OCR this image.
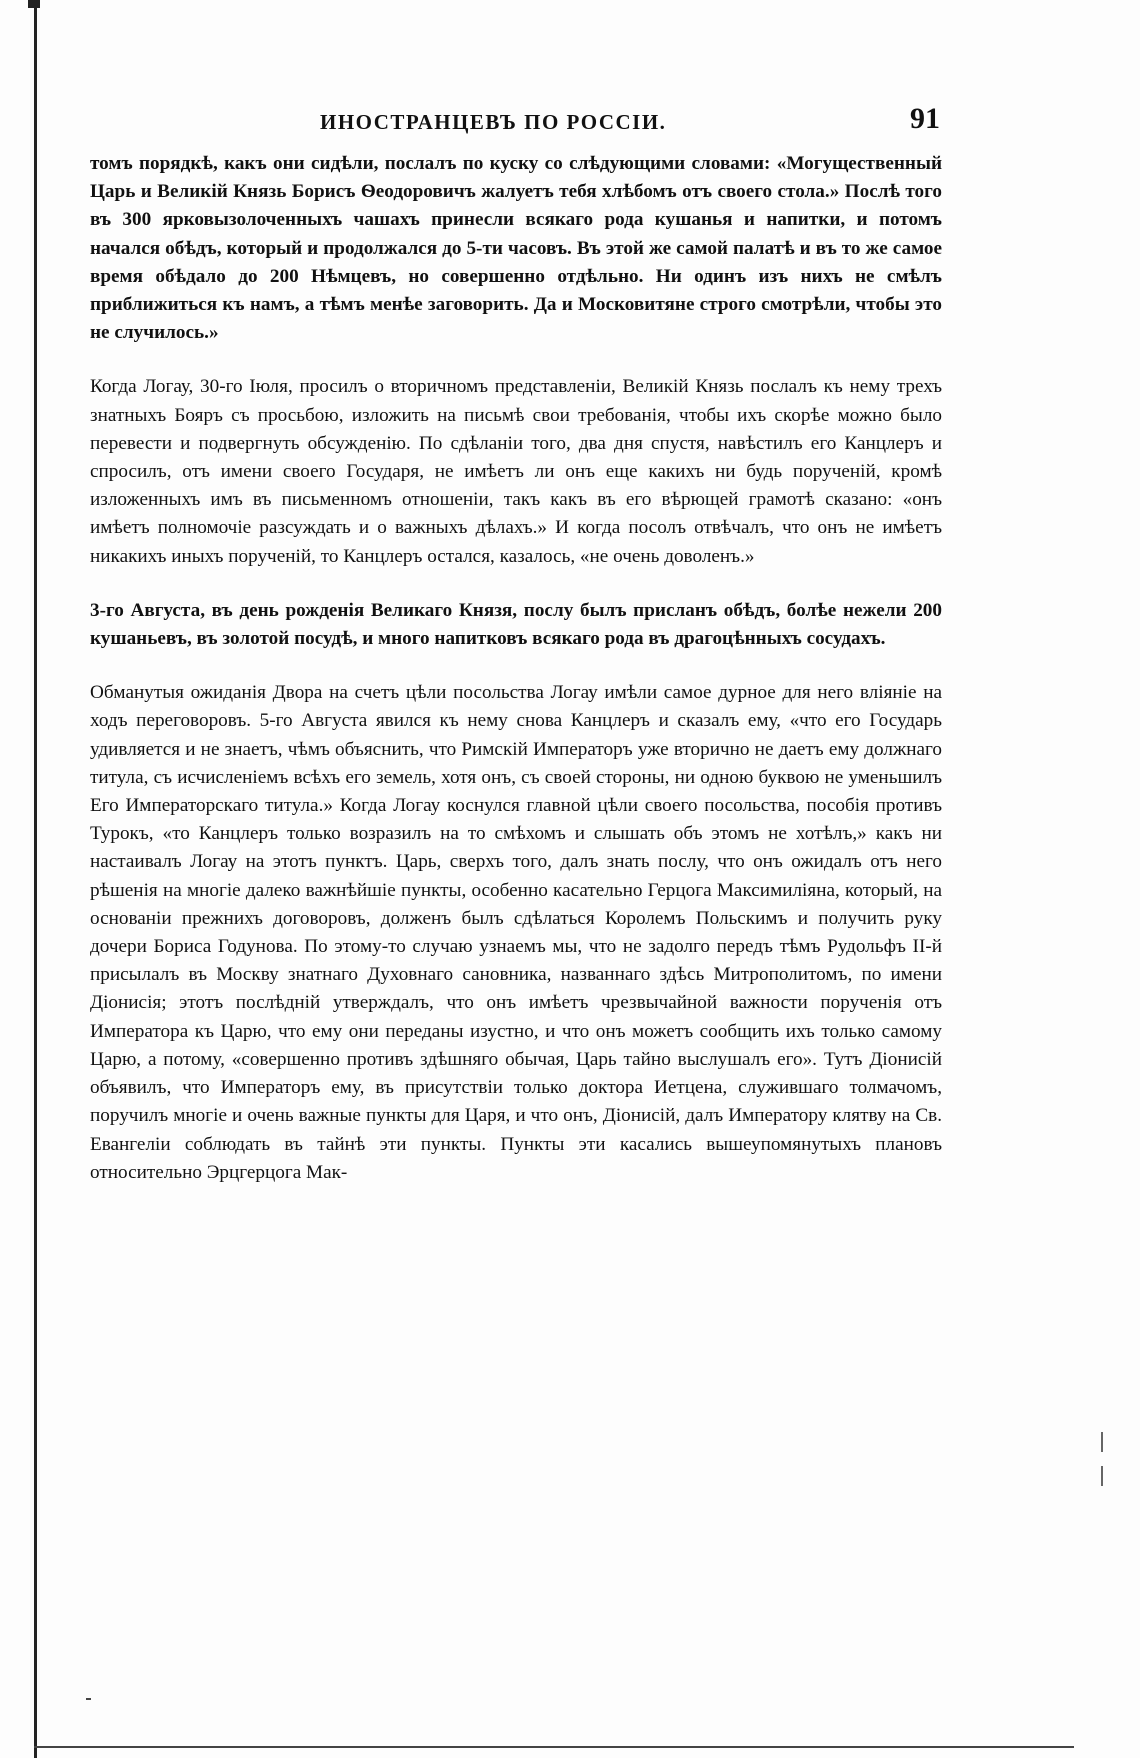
ИНОСТРАНЦЕВЪ ПО РОССІИ.	91

томъ порядкѣ, какъ они сидѣли, послалъ по куску со слѣдующими словами: «Могущественный Царь и Великій Князь Борисъ Ѳеодоровичъ жалуетъ тебя хлѣбомъ отъ своего стола.» Послѣ того въ 300 ярковызолоченныхъ чашахъ принесли всякаго рода кушанья и напитки, и потомъ начался обѣдъ, который и продолжался до 5-ти часовъ. Въ этой же самой палатѣ и въ то же самое время обѣдало до 200 Нѣмцевъ, но совершенно отдѣльно. Ни одинъ изъ нихъ не смѣлъ приближиться къ намъ, а тѣмъ менѣе заговорить. Да и Московитяне строго смотрѣли, чтобы это не случилось.»

Когда Логау, 30-го Іюля, просилъ о вторичномъ представленіи, Великій Князь послалъ къ нему трехъ знатныхъ Бояръ съ просьбою, изложить на письмѣ свои требованія, чтобы ихъ скорѣе можно было перевести и подвергнуть обсужденію. По сдѣланіи того, два дня спустя, навѣстилъ его Канцлеръ и спросилъ, отъ имени своего Государя, не имѣетъ ли онъ еще какихъ ни будь порученій, кромѣ изложенныхъ имъ въ письменномъ отношеніи, такъ какъ въ его вѣрющей грамотѣ сказано: «онъ имѣетъ полномочіе разсуждать и о важныхъ дѣлахъ.» И когда посолъ отвѣчалъ, что онъ не имѣетъ никакихъ иныхъ порученій, то Канцлеръ остался, казалось, «не очень доволенъ.»

3-го Августа, въ день рожденія Великаго Князя, послу былъ присланъ обѣдъ, болѣе нежели 200 кушаньевъ, въ золотой посудѣ, и много напитковъ всякаго рода въ драгоцѣнныхъ сосудахъ.

Обманутыя ожиданія Двора на счетъ цѣли посольства Логау имѣли самое дурное для него вліяніе на ходъ переговоровъ. 5-го Августа явился къ нему снова Канцлеръ и сказалъ ему, «что его Государь удивляется и не знаетъ, чѣмъ объяснить, что Римскій Императоръ уже вторично не даетъ ему должнаго титула, съ исчисленіемъ всѣхъ его земель, хотя онъ, съ своей стороны, ни одною буквою не уменьшилъ Его Императорскаго титула.» Когда Логау коснулся главной цѣли своего посольства, пособія противъ Турокъ, «то Канцлеръ только возразилъ на то смѣхомъ и слышать объ этомъ не хотѣлъ,» какъ ни настаивалъ Логау на этотъ пунктъ. Царь, сверхъ того, далъ знать послу, что онъ ожидалъ отъ него рѣшенія на многіе далеко важнѣйшіе пункты, особенно касательно Герцога Максимиліяна, который, на основаніи прежнихъ договоровъ, долженъ былъ сдѣлаться Королемъ Польскимъ и получить руку дочери Бориса Годунова. По этому-то случаю узнаемъ мы, что не задолго передъ тѣмъ Рудольфъ II-й присылалъ въ Москву знатнаго Духовнаго сановника, названнаго здѣсь Митрополитомъ, по имени Діонисія; этотъ послѣдній утверждалъ, что онъ имѣетъ чрезвычайной важности порученія отъ Императора къ Царю, что ему они переданы изустно, и что онъ можетъ сообщить ихъ только самому Царю, а потому, «совершенно противъ здѣшняго обычая, Царь тайно выслушалъ его». Тутъ Діонисій объявилъ, что Императоръ ему, въ присутствіи только доктора Иетцена, служившаго толмачомъ, поручилъ многіе и очень важные пункты для Царя, и что онъ, Діонисій, далъ Императору клятву на Св. Евангеліи соблюдать въ тайнѣ эти пункты. Пункты эти касались вышеупомянутыхъ плановъ относительно Эрцгерцога Мак-
